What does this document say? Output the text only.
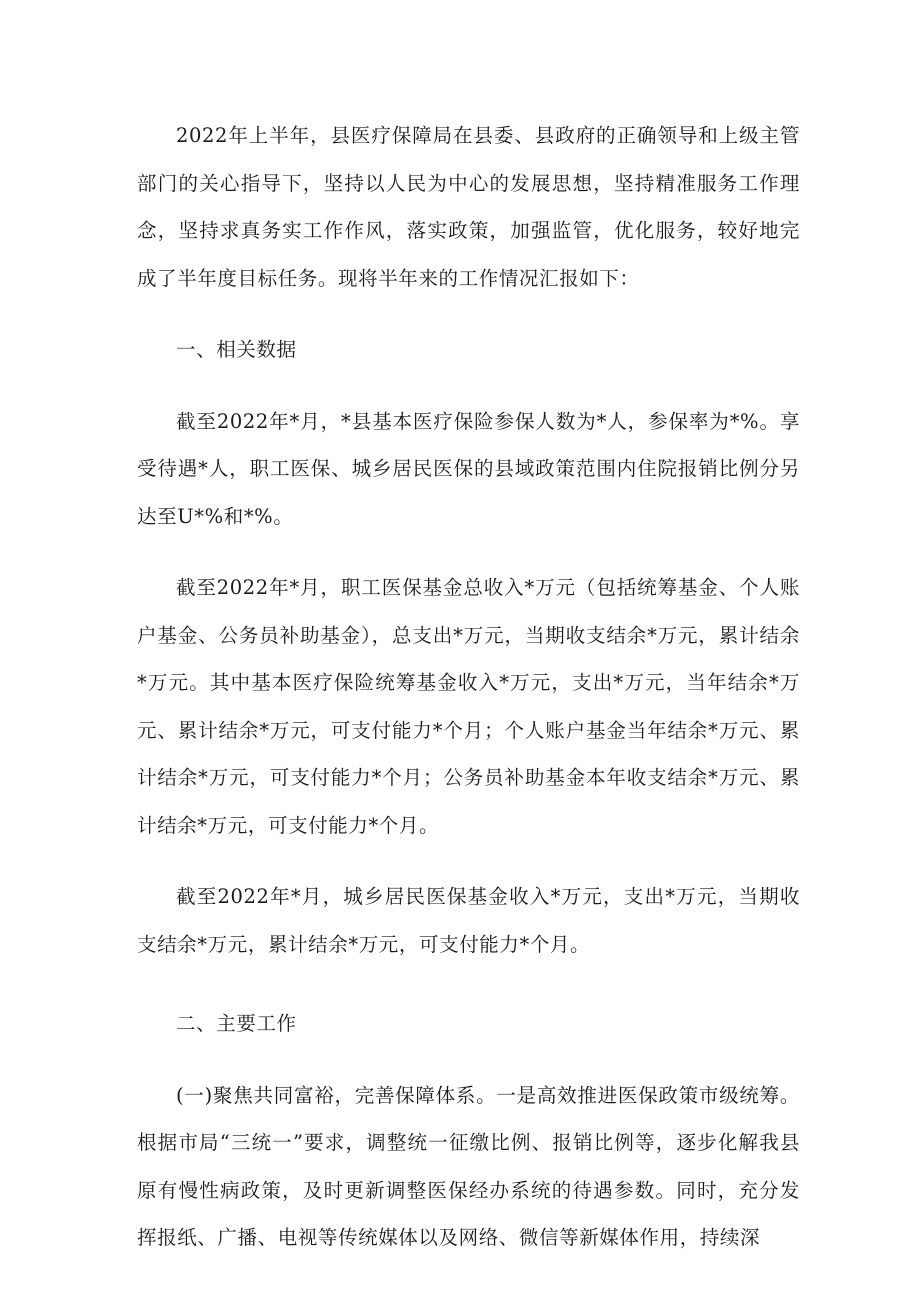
2022年上半年，县医疗保障局在县委、县政府的正确领导和上级主管部门的关心指导下，坚持以人民为中心的发展思想，坚持精准服务工作理念，坚持求真务实工作作风，落实政策，加强监管，优化服务，较好地完成了半年度目标任务。现将半年来的工作情况汇报如下：

一、相关数据

截至2022年*月，*县基本医疗保险参保人数为*人，参保率为*%。享受待遇*人，职工医保、城乡居民医保的县域政策范围内住院报销比例分另达至U*%和*%。

截至2022年*月，职工医保基金总收入*万元（包括统筹基金、个人账户基金、公务员补助基金），总支出*万元，当期收支结余*万元，累计结余*万元。其中基本医疗保险统筹基金收入*万元，支出*万元，当年结余*万元、累计结余*万元，可支付能力*个月；个人账户基金当年结余*万元、累计结余*万元，可支付能力*个月；公务员补助基金本年收支结余*万元、累计结余*万元，可支付能力*个月。

截至2022年*月，城乡居民医保基金收入*万元，支出*万元，当期收支结余*万元，累计结余*万元，可支付能力*个月。

二、主要工作

(一)聚焦共同富裕，完善保障体系。一是高效推进医保政策市级统筹。根据市局“三统一”要求，调整统一征缴比例、报销比例等，逐步化解我县原有慢性病政策，及时更新调整医保经办系统的待遇参数。同时，充分发挥报纸、广播、电视等传统媒体以及网络、微信等新媒体作用，持续深
